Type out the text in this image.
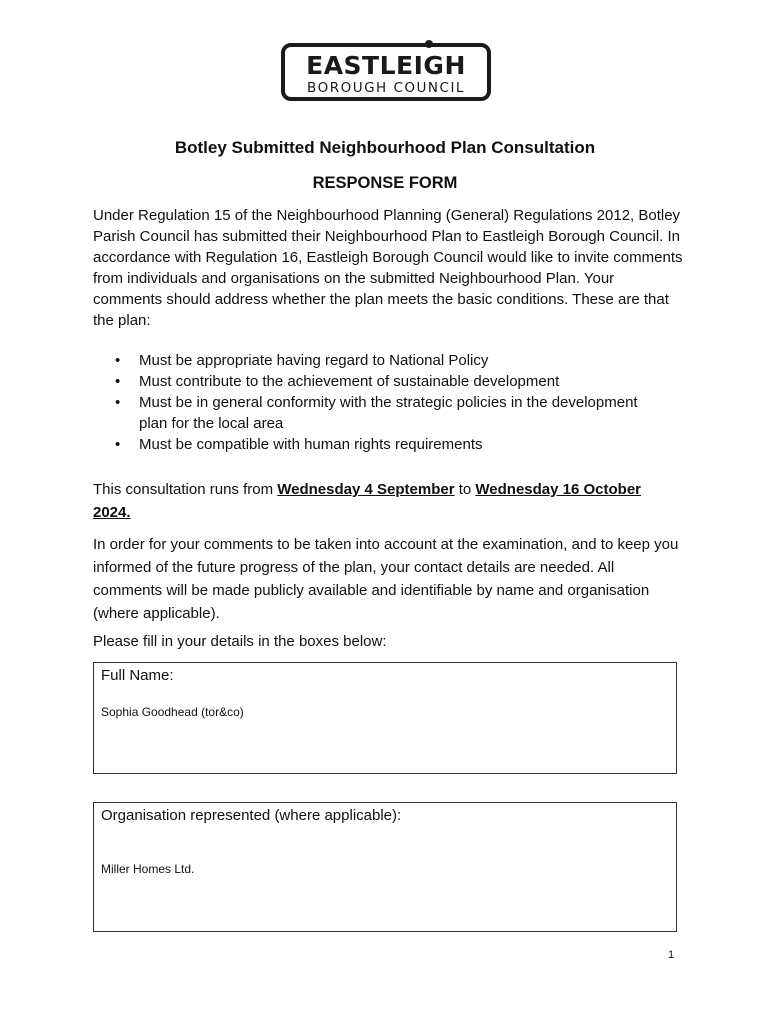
EASTLEIGH
BOROUGH COUNCIL
Botley Submitted Neighbourhood Plan Consultation
RESPONSE FORM

Under Regulation 15 of the Neighbourhood Planning (General) Regulations 2012, Botley Parish Council has submitted their Neighbourhood Plan to Eastleigh Borough Council. In accordance with Regulation 16, Eastleigh Borough Council would like to invite comments from individuals and organisations on the submitted Neighbourhood Plan. Your comments should address whether the plan meets the basic conditions. These are that the plan:

• Must be appropriate having regard to National Policy
• Must contribute to the achievement of sustainable development
• Must be in general conformity with the strategic policies in the development plan for the local area
• Must be compatible with human rights requirements

This consultation runs from Wednesday 4 September to Wednesday 16 October 2024.

In order for your comments to be taken into account at the examination, and to keep you informed of the future progress of the plan, your contact details are needed. All comments will be made publicly available and identifiable by name and organisation (where applicable).

Please fill in your details in the boxes below:

Full Name:
Sophia Goodhead (tor&co)
Organisation represented (where applicable):
Miller Homes Ltd.
1
